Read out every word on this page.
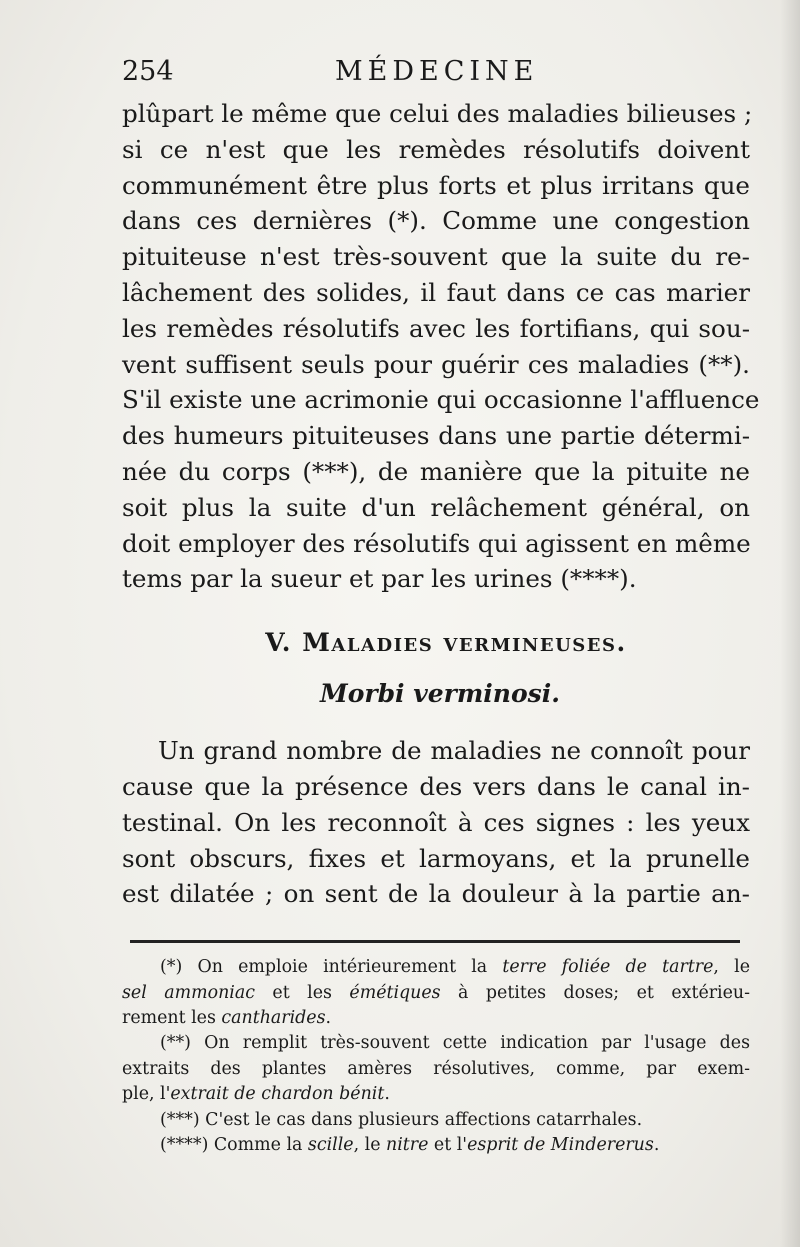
254	MÉDECINE

plûpart le même que celui des maladies bilieuses ;
si ce n'est que les remèdes résolutifs doivent
communément être plus forts et plus irritans que
dans ces dernières (*). Comme une congestion
pituiteuse n'est très-souvent que la suite du re-
lâchement des solides, il faut dans ce cas marier
les remèdes résolutifs avec les fortifians, qui sou-
vent suffisent seuls pour guérir ces maladies (**).
S'il existe une acrimonie qui occasionne l'affluence
des humeurs pituiteuses dans une partie détermi-
née du corps (***), de manière que la pituite ne
soit plus la suite d'un relâchement général, on
doit employer des résolutifs qui agissent en même
tems par la sueur et par les urines (****).

V. Maladies vermineuses.
Morbi verminosi.

Un grand nombre de maladies ne connoît pour
cause que la présence des vers dans le canal in-
testinal. On les reconnoît à ces signes : les yeux
sont obscurs, fixes et larmoyans, et la prunelle
est dilatée ; on sent de la douleur à la partie an-

(*) On emploie intérieurement la terre foliée de tartre, le
sel ammoniac et les émétiques à petites doses; et extérieu-
rement les cantharides.
(**) On remplit très-souvent cette indication par l'usage des
extraits des plantes amères résolutives, comme, par exem-
ple, l'extrait de chardon bénit.
(***) C'est le cas dans plusieurs affections catarrhales.
(****) Comme la scille, le nitre et l'esprit de Mindererus.
